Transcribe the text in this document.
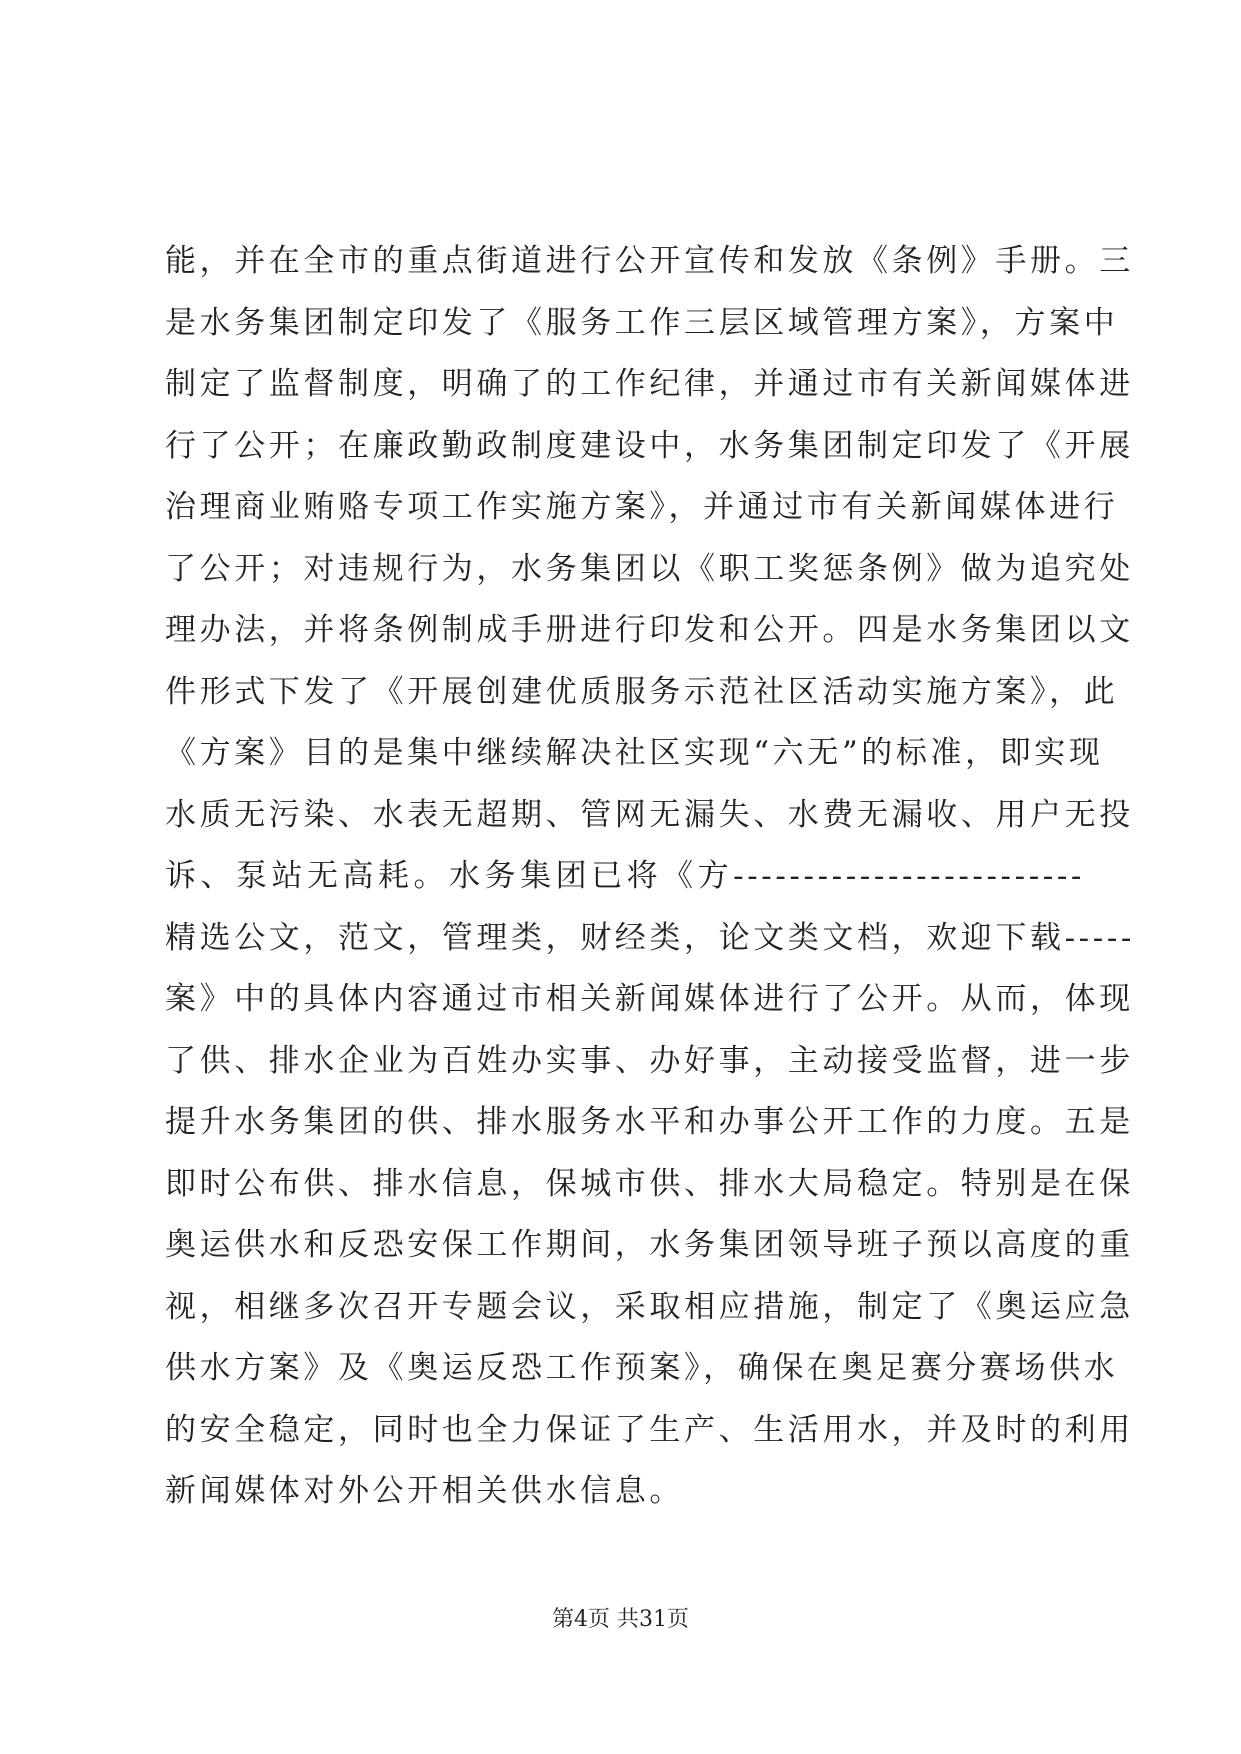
能，并在全市的重点街道进行公开宣传和发放《条例》手册。三
是水务集团制定印发了《服务工作三层区域管理方案》，方案中
制定了监督制度，明确了的工作纪律，并通过市有关新闻媒体进
行了公开；在廉政勤政制度建设中，水务集团制定印发了《开展
治理商业贿赂专项工作实施方案》，并通过市有关新闻媒体进行
了公开；对违规行为，水务集团以《职工奖惩条例》做为追究处
理办法，并将条例制成手册进行印发和公开。四是水务集团以文
件形式下发了《开展创建优质服务示范社区活动实施方案》，此
《方案》目的是集中继续解决社区实现“六无”的标准，即实现
水质无污染、水表无超期、管网无漏失、水费无漏收、用户无投
诉、泵站无高耗。水务集团已将《方-------------------------
精选公文，范文，管理类，财经类，论文类文档，欢迎下载-----
案》中的具体内容通过市相关新闻媒体进行了公开。从而，体现
了供、排水企业为百姓办实事、办好事，主动接受监督，进一步
提升水务集团的供、排水服务水平和办事公开工作的力度。五是
即时公布供、排水信息，保城市供、排水大局稳定。特别是在保
奥运供水和反恐安保工作期间，水务集团领导班子预以高度的重
视，相继多次召开专题会议，采取相应措施，制定了《奥运应急
供水方案》及《奥运反恐工作预案》，确保在奥足赛分赛场供水
的安全稳定，同时也全力保证了生产、生活用水，并及时的利用
新闻媒体对外公开相关供水信息。
第4页 共31页
